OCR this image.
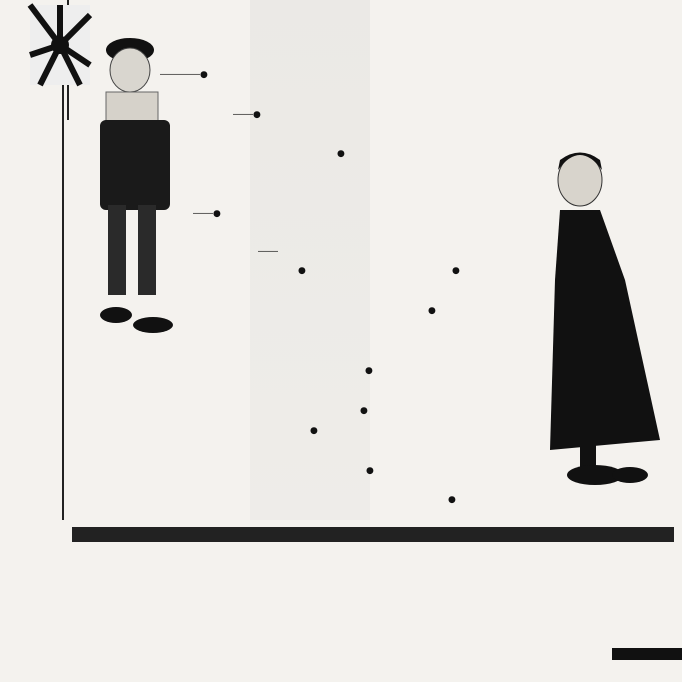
――――●
――●
●
――●
――
●	●
●
●
●
●
●
●
